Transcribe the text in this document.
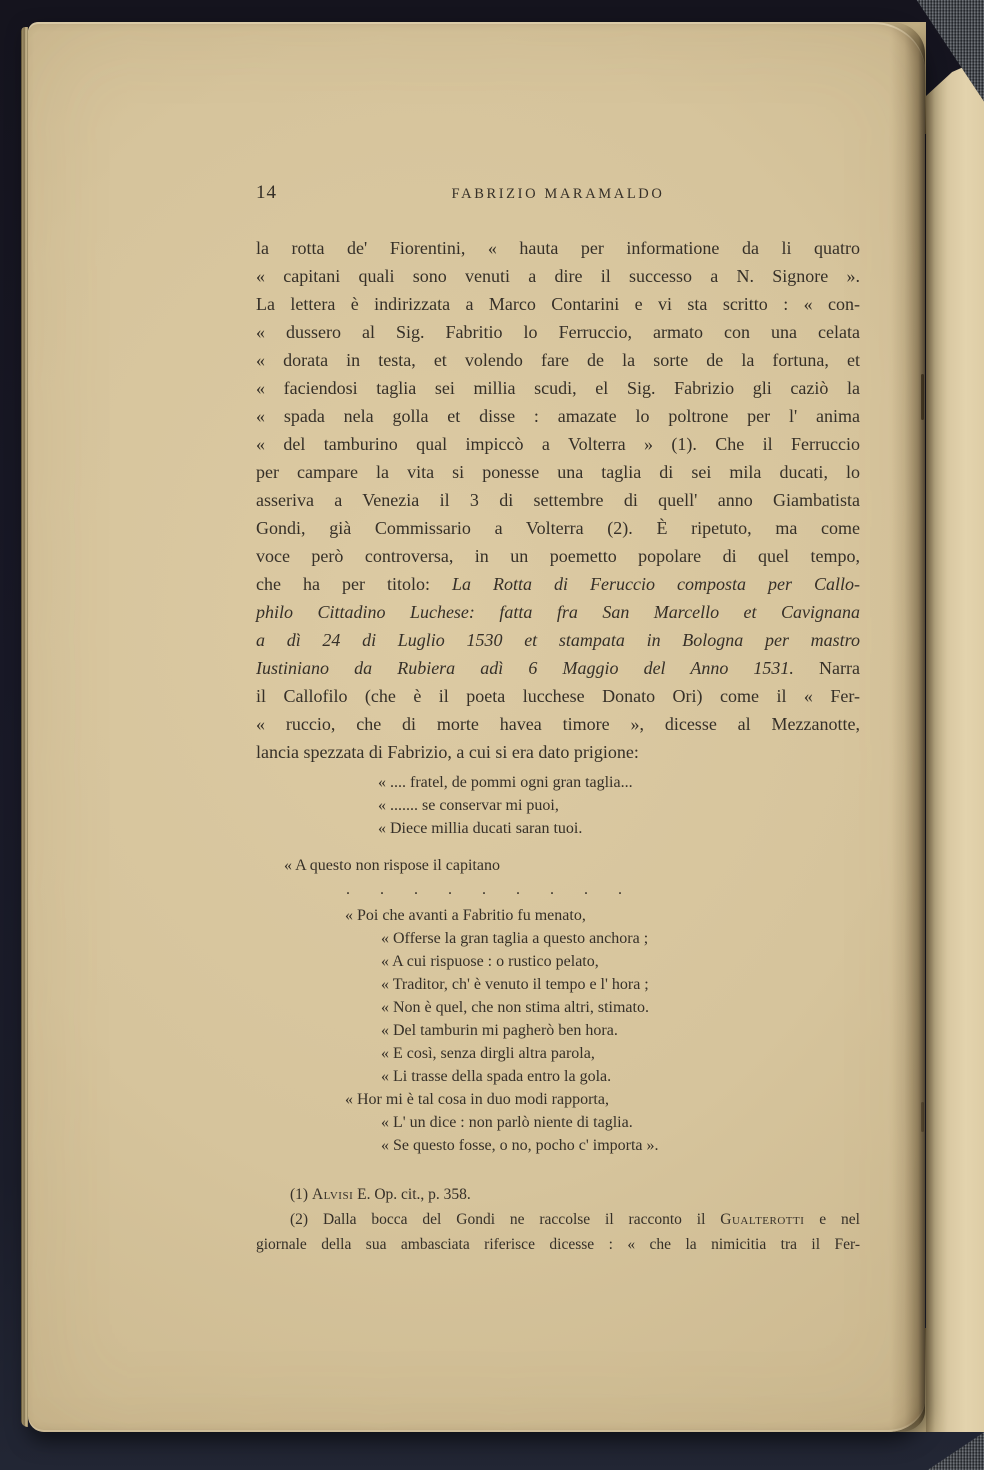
14	FABRIZIO MARAMALDO
la rotta de' Fiorentini, « hauta per informatione da li quatro
« capitani quali sono venuti a dire il successo a N. Signore ».
La lettera è indirizzata a Marco Contarini e vi sta scritto : « con-
« dussero al Sig. Fabritio lo Ferruccio, armato con una celata
« dorata in testa, et volendo fare de la sorte de la fortuna, et
« faciendosi taglia sei millia scudi, el Sig. Fabrizio gli caziò la
« spada nela golla et disse : amazate lo poltrone per l' anima
« del tamburino qual impiccò a Volterra » (1). Che il Ferruccio
per campare la vita si ponesse una taglia di sei mila ducati, lo
asseriva a Venezia il 3 di settembre di quell' anno Giambatista
Gondi, già Commissario a Volterra (2). È ripetuto, ma come
voce però controversa, in un poemetto popolare di quel tempo,
che ha per titolo: La Rotta di Feruccio composta per Callo-
philo Cittadino Luchese: fatta fra San Marcello et Cavignana
a dì 24 di Luglio 1530 et stampata in Bologna per mastro
Iustiniano da Rubiera adì 6 Maggio del Anno 1531. Narra
il Callofilo (che è il poeta lucchese Donato Ori) come il « Fer-
« ruccio, che di morte havea timore », dicesse al Mezzanotte,
lancia spezzata di Fabrizio, a cui si era dato prigione:
« .... fratel, de pommi ogni gran taglia...
« ....... se conservar mi puoi,
« Diece millia ducati saran tuoi.
« A questo non rispose il capitano
. . . . . . . . .
« Poi che avanti a Fabritio fu menato,
« Offerse la gran taglia a questo anchora ;
« A cui rispuose : o rustico pelato,
« Traditor, ch' è venuto il tempo e l' hora ;
« Non è quel, che non stima altri, stimato.
« Del tamburin mi pagherò ben hora.
« E così, senza dirgli altra parola,
« Li trasse della spada entro la gola.
« Hor mi è tal cosa in duo modi rapporta,
« L' un dice : non parlò niente di taglia.
« Se questo fosse, o no, pocho c' importa ».
(1) Alvisi E. Op. cit., p. 358.
(2) Dalla bocca del Gondi ne raccolse il racconto il Gualterotti e nel
giornale della sua ambasciata riferisce dicesse : « che la nimicitia tra il Fer-
